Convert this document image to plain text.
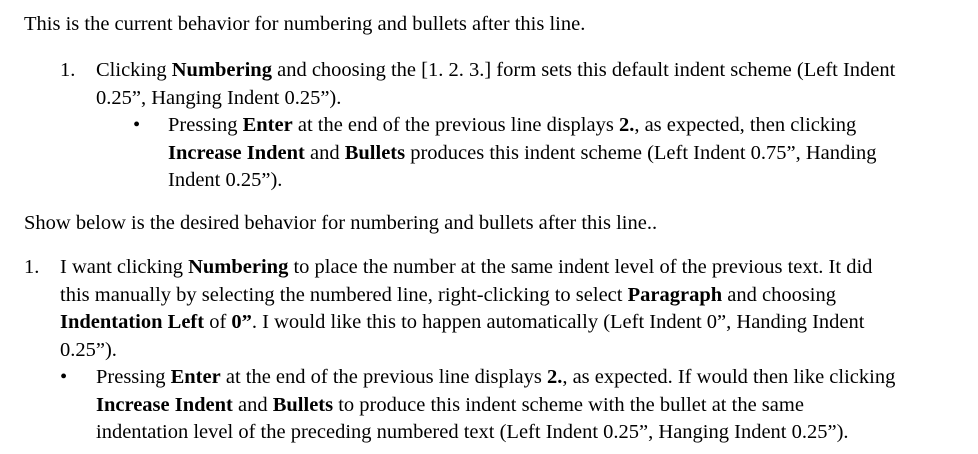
This is the current behavior for numbering and bullets after this line.
1. Clicking Numbering and choosing the [1. 2. 3.] form sets this default indent scheme (Left Indent
0.25”, Hanging Indent 0.25”).
• Pressing Enter at the end of the previous line displays 2., as expected, then clicking
Increase Indent and Bullets produces this indent scheme (Left Indent 0.75”, Handing
Indent 0.25”).
Show below is the desired behavior for numbering and bullets after this line..
1. I want clicking Numbering to place the number at the same indent level of the previous text. It did
this manually by selecting the numbered line, right-clicking to select Paragraph and choosing
Indentation Left of 0”. I would like this to happen automatically (Left Indent 0”, Handing Indent
0.25”).
• Pressing Enter at the end of the previous line displays 2., as expected. If would then like clicking
Increase Indent and Bullets to produce this indent scheme with the bullet at the same
indentation level of the preceding numbered text (Left Indent 0.25”, Hanging Indent 0.25”).
